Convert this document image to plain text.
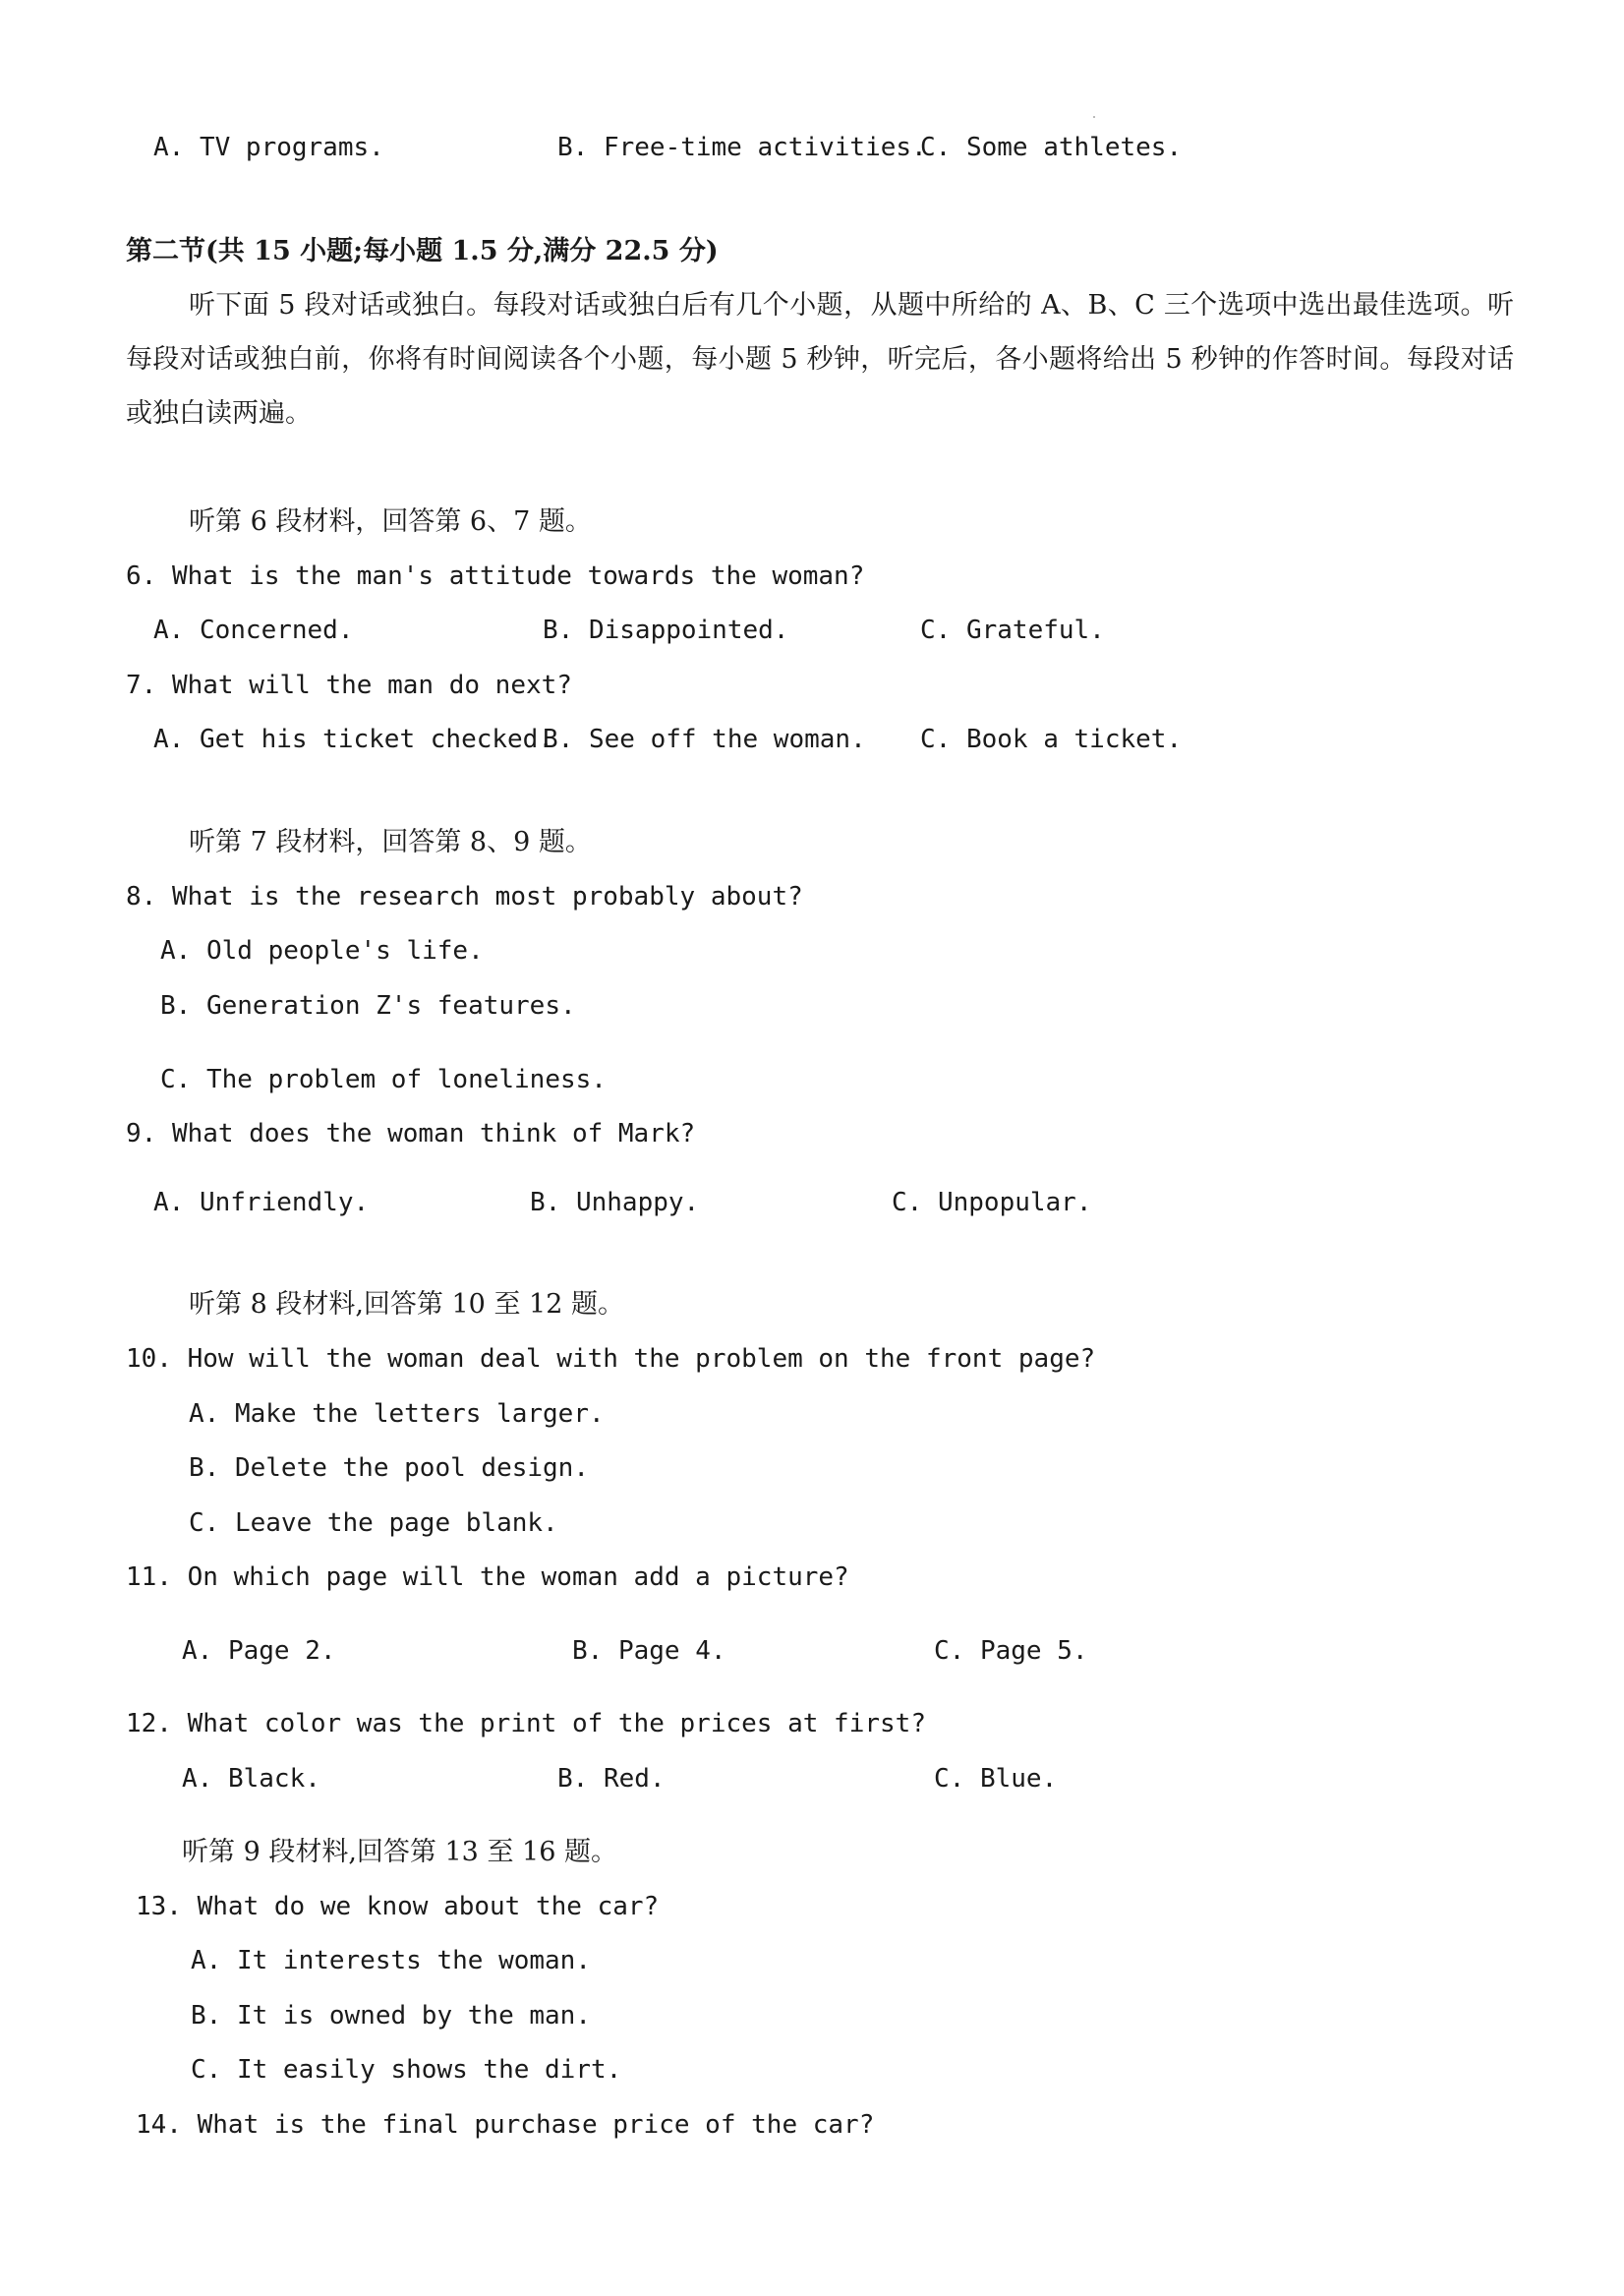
A. TV programs.	B. Free-time activities.
C. Some athletes.
第二节(共 15 小题;每小题 1.5 分,满分 22.5 分)
听下面 5 段对话或独白。每段对话或独白后有几个小题，从题中所给的 A、B、C 三个选项中选出最佳选项。听每段对话或独白前，你将有时间阅读各个小题，每小题 5 秒钟，听完后，各小题将给出 5 秒钟的作答时间。每段对话或独白读两遍。
听第 6 段材料，回答第 6、7 题。
6. What is the man's attitude towards the woman?
A. Concerned.	B. Disappointed.	C. Grateful.
7. What will the man do next?
A. Get his ticket checked.
B. See off the woman. C. Book a ticket.
听第 7 段材料，回答第 8、9 题。
8. What is the research most probably about?
A. Old people's life.
B. Generation Z's features.
C. The problem of loneliness.
9. What does the woman think of Mark?
A. Unfriendly.	B. Unhappy.	C. Unpopular.
听第 8 段材料,回答第 10 至 12 题。
10. How will the woman deal with the problem on the front page?
A. Make the letters larger.
B. Delete the pool design.
C. Leave the page blank.
11. On which page will the woman add a picture?
A. Page 2.	B. Page 4.	C. Page 5.
12. What color was the print of the prices at first?
A. Black.	B. Red.	C. Blue.
听第 9 段材料,回答第 13 至 16 题。
13. What do we know about the car?
A. It interests the woman.
B. It is owned by the man.
C. It easily shows the dirt.
14. What is the final purchase price of the car?
